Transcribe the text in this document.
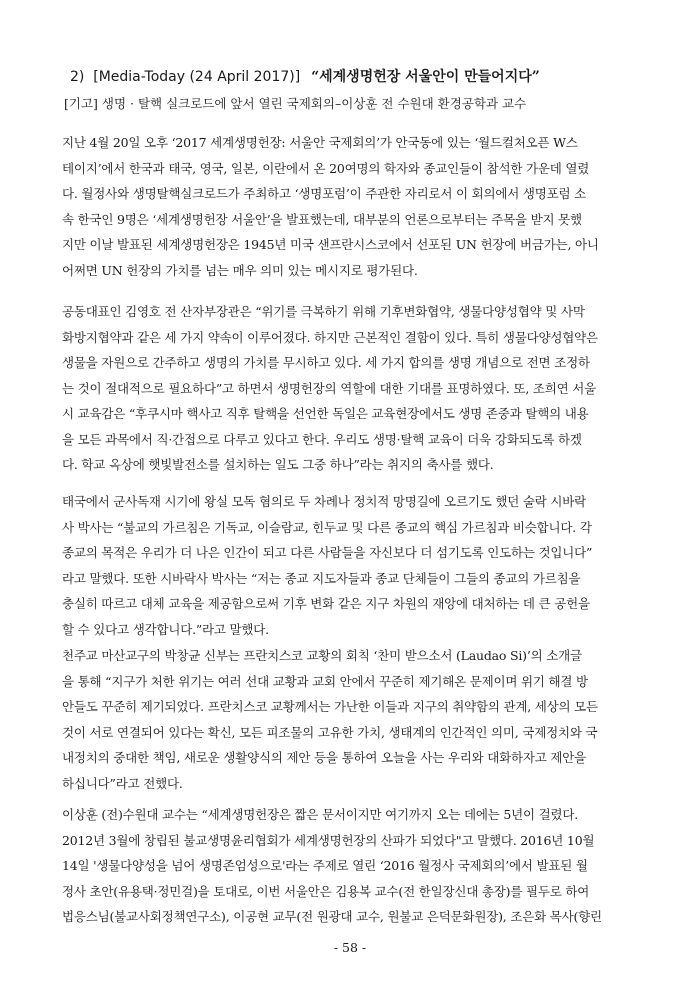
2) [Media-Today (24 April 2017)] “세계생명헌장 서울안이 만들어지다”
[기고] 생명 · 탈핵 실크로드에 앞서 열린 국제회의–이상훈 전 수원대 환경공학과 교수
지난 4월 20일 오후 ‘2017 세계생명헌장: 서울안 국제회의’가 안국동에 있는 ‘월드컬처오픈 W스
테이지’에서 한국과 태국, 영국, 일본, 이란에서 온 20여명의 학자와 종교인들이 참석한 가운데 열렸
다. 월정사와 생명탈핵실크로드가 주최하고 ‘생명포럼’이 주관한 자리로서 이 회의에서 생명포럼 소
속 한국인 9명은 ‘세계생명헌장 서울안’을 발표했는데, 대부분의 언론으로부터는 주목을 받지 못했
지만 이날 발표된 세계생명헌장은 1945년 미국 샌프란시스코에서 선포된 UN 헌장에 버금가는, 아니
어쩌면 UN 헌장의 가치를 넘는 매우 의미 있는 메시지로 평가된다.
공동대표인 김영호 전 산자부장관은 “위기를 극복하기 위해 기후변화협약, 생물다양성협약 및 사막
화방지협약과 같은 세 가지 약속이 이루어졌다. 하지만 근본적인 결함이 있다. 특히 생물다양성협약은
생물을 자원으로 간주하고 생명의 가치를 무시하고 있다. 세 가지 합의를 생명 개념으로 전면 조정하
는 것이 절대적으로 필요하다”고 하면서 생명헌장의 역할에 대한 기대를 표명하였다. 또, 조희연 서울
시 교육감은 “후쿠시마 핵사고 직후 탈핵을 선언한 독일은 교육현장에서도 생명 존중과 탈핵의 내용
을 모든 과목에서 직·간접으로 다루고 있다고 한다. 우리도 생명·탈핵 교육이 더욱 강화되도록 하겠
다. 학교 옥상에 햇빛발전소를 설치하는 일도 그중 하나”라는 취지의 축사를 했다.
태국에서 군사독재 시기에 왕실 모독 혐의로 두 차례나 정치적 망명길에 오르기도 했던 술락 시바락
사 박사는 “불교의 가르침은 기독교, 이슬람교, 힌두교 및 다른 종교의 핵심 가르침과 비슷합니다. 각
종교의 목적은 우리가 더 나은 인간이 되고 다른 사람들을 자신보다 더 섬기도록 인도하는 것입니다”
라고 말했다. 또한 시바락사 박사는 “저는 종교 지도자들과 종교 단체들이 그들의 종교의 가르침을
충실히 따르고 대체 교육을 제공함으로써 기후 변화 같은 지구 차원의 재앙에 대처하는 데 큰 공헌을
할 수 있다고 생각합니다.”라고 말했다.
천주교 마산교구의 박창균 신부는 프란치스코 교황의 회칙 ‘찬미 받으소서 (Laudao Si)’의 소개글
을 통해 “지구가 처한 위기는 여러 선대 교황과 교회 안에서 꾸준히 제기해온 문제이며 위기 해결 방
안들도 꾸준히 제기되었다. 프란치스코 교황께서는 가난한 이들과 지구의 취약함의 관계, 세상의 모든
것이 서로 연결되어 있다는 확신, 모든 피조물의 고유한 가치, 생태계의 인간적인 의미, 국제정치와 국
내정치의 중대한 책임, 새로운 생활양식의 제안 등을 통하여 오늘을 사는 우리와 대화하자고 제안을
하십니다”라고 전했다.
이상훈 (전)수원대 교수는 “세계생명헌장은 짧은 문서이지만 여기까지 오는 데에는 5년이 걸렸다.
2012년 3월에 창립된 불교생명윤리협회가 세계생명헌장의 산파가 되었다"고 말했다. 2016년 10월
14일 '생물다양성을 넘어 생명존엄성으로'라는 주제로 열린 ‘2016 월정사 국제회의’에서 발표된 월
정사 초안(유용택·정민걸)을 토대로, 이번 서울안은 김용복 교수(전 한일장신대 총장)를 필두로 하여
법응스님(불교사회정책연구소), 이공현 교무(전 원광대 교수, 원불교 은덕문화원장), 조은화 목사(향린
- 58 -
